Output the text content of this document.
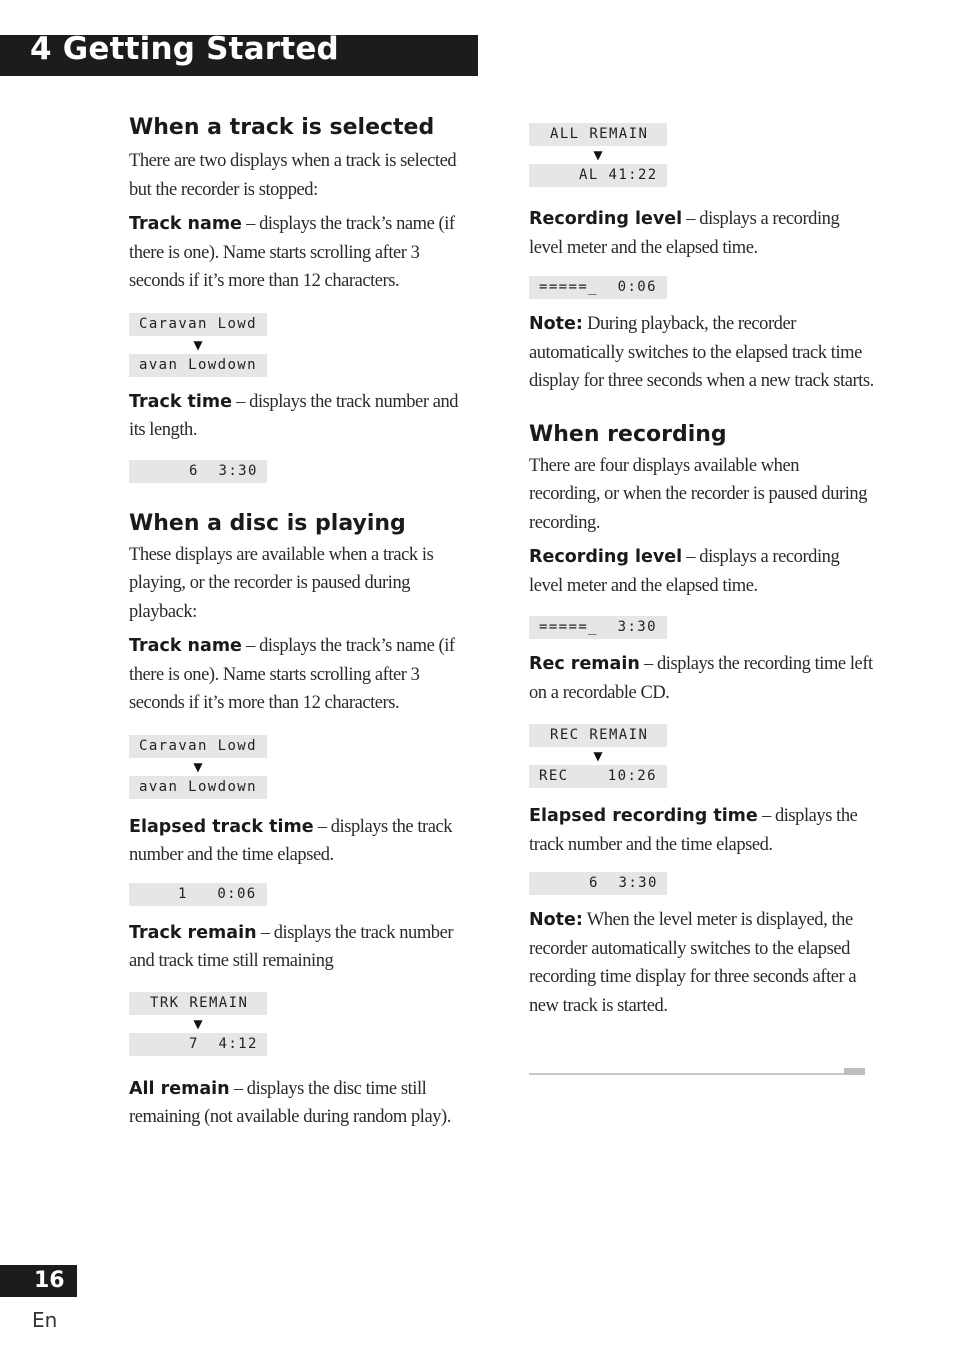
4 Getting Started
When a track is selected

There are two displays when a track is selected but the recorder is stopped:

Track name – displays the track’s name (if there is one). Name starts scrolling after 3 seconds if it’s more than 12 characters.

Caravan Lowd
▼
avan Lowdown

Track time – displays the track number and its length.

6  3:30
When a disc is playing

These displays are available when a track is playing, or the recorder is paused during playback:

Track name – displays the track’s name (if there is one). Name starts scrolling after 3 seconds if it’s more than 12 characters.

Caravan Lowd
▼
avan Lowdown

Elapsed track time – displays the track number and the time elapsed.

1   0:06

Track remain – displays the track number and track time still remaining

TRK REMAIN
▼
7  4:12

All remain – displays the disc time still remaining (not available during random play).

ALL REMAIN
▼
AL 41:22

Recording level – displays a recording level meter and the elapsed time.

=====_  0:06

Note: During playback, the recorder automatically switches to the elapsed track time display for three seconds when a new track starts.

When recording

There are four displays available when recording, or when the recorder is paused during recording.

Recording level – displays a recording level meter and the elapsed time.

=====_  3:30

Rec remain – displays the recording time left on a recordable CD.

REC REMAIN
▼
REC    10:26

Elapsed recording time – displays the track number and the time elapsed.

6  3:30

Note: When the level meter is displayed, the recorder automatically switches to the elapsed recording time display for three seconds after a new track is started.

16
En
